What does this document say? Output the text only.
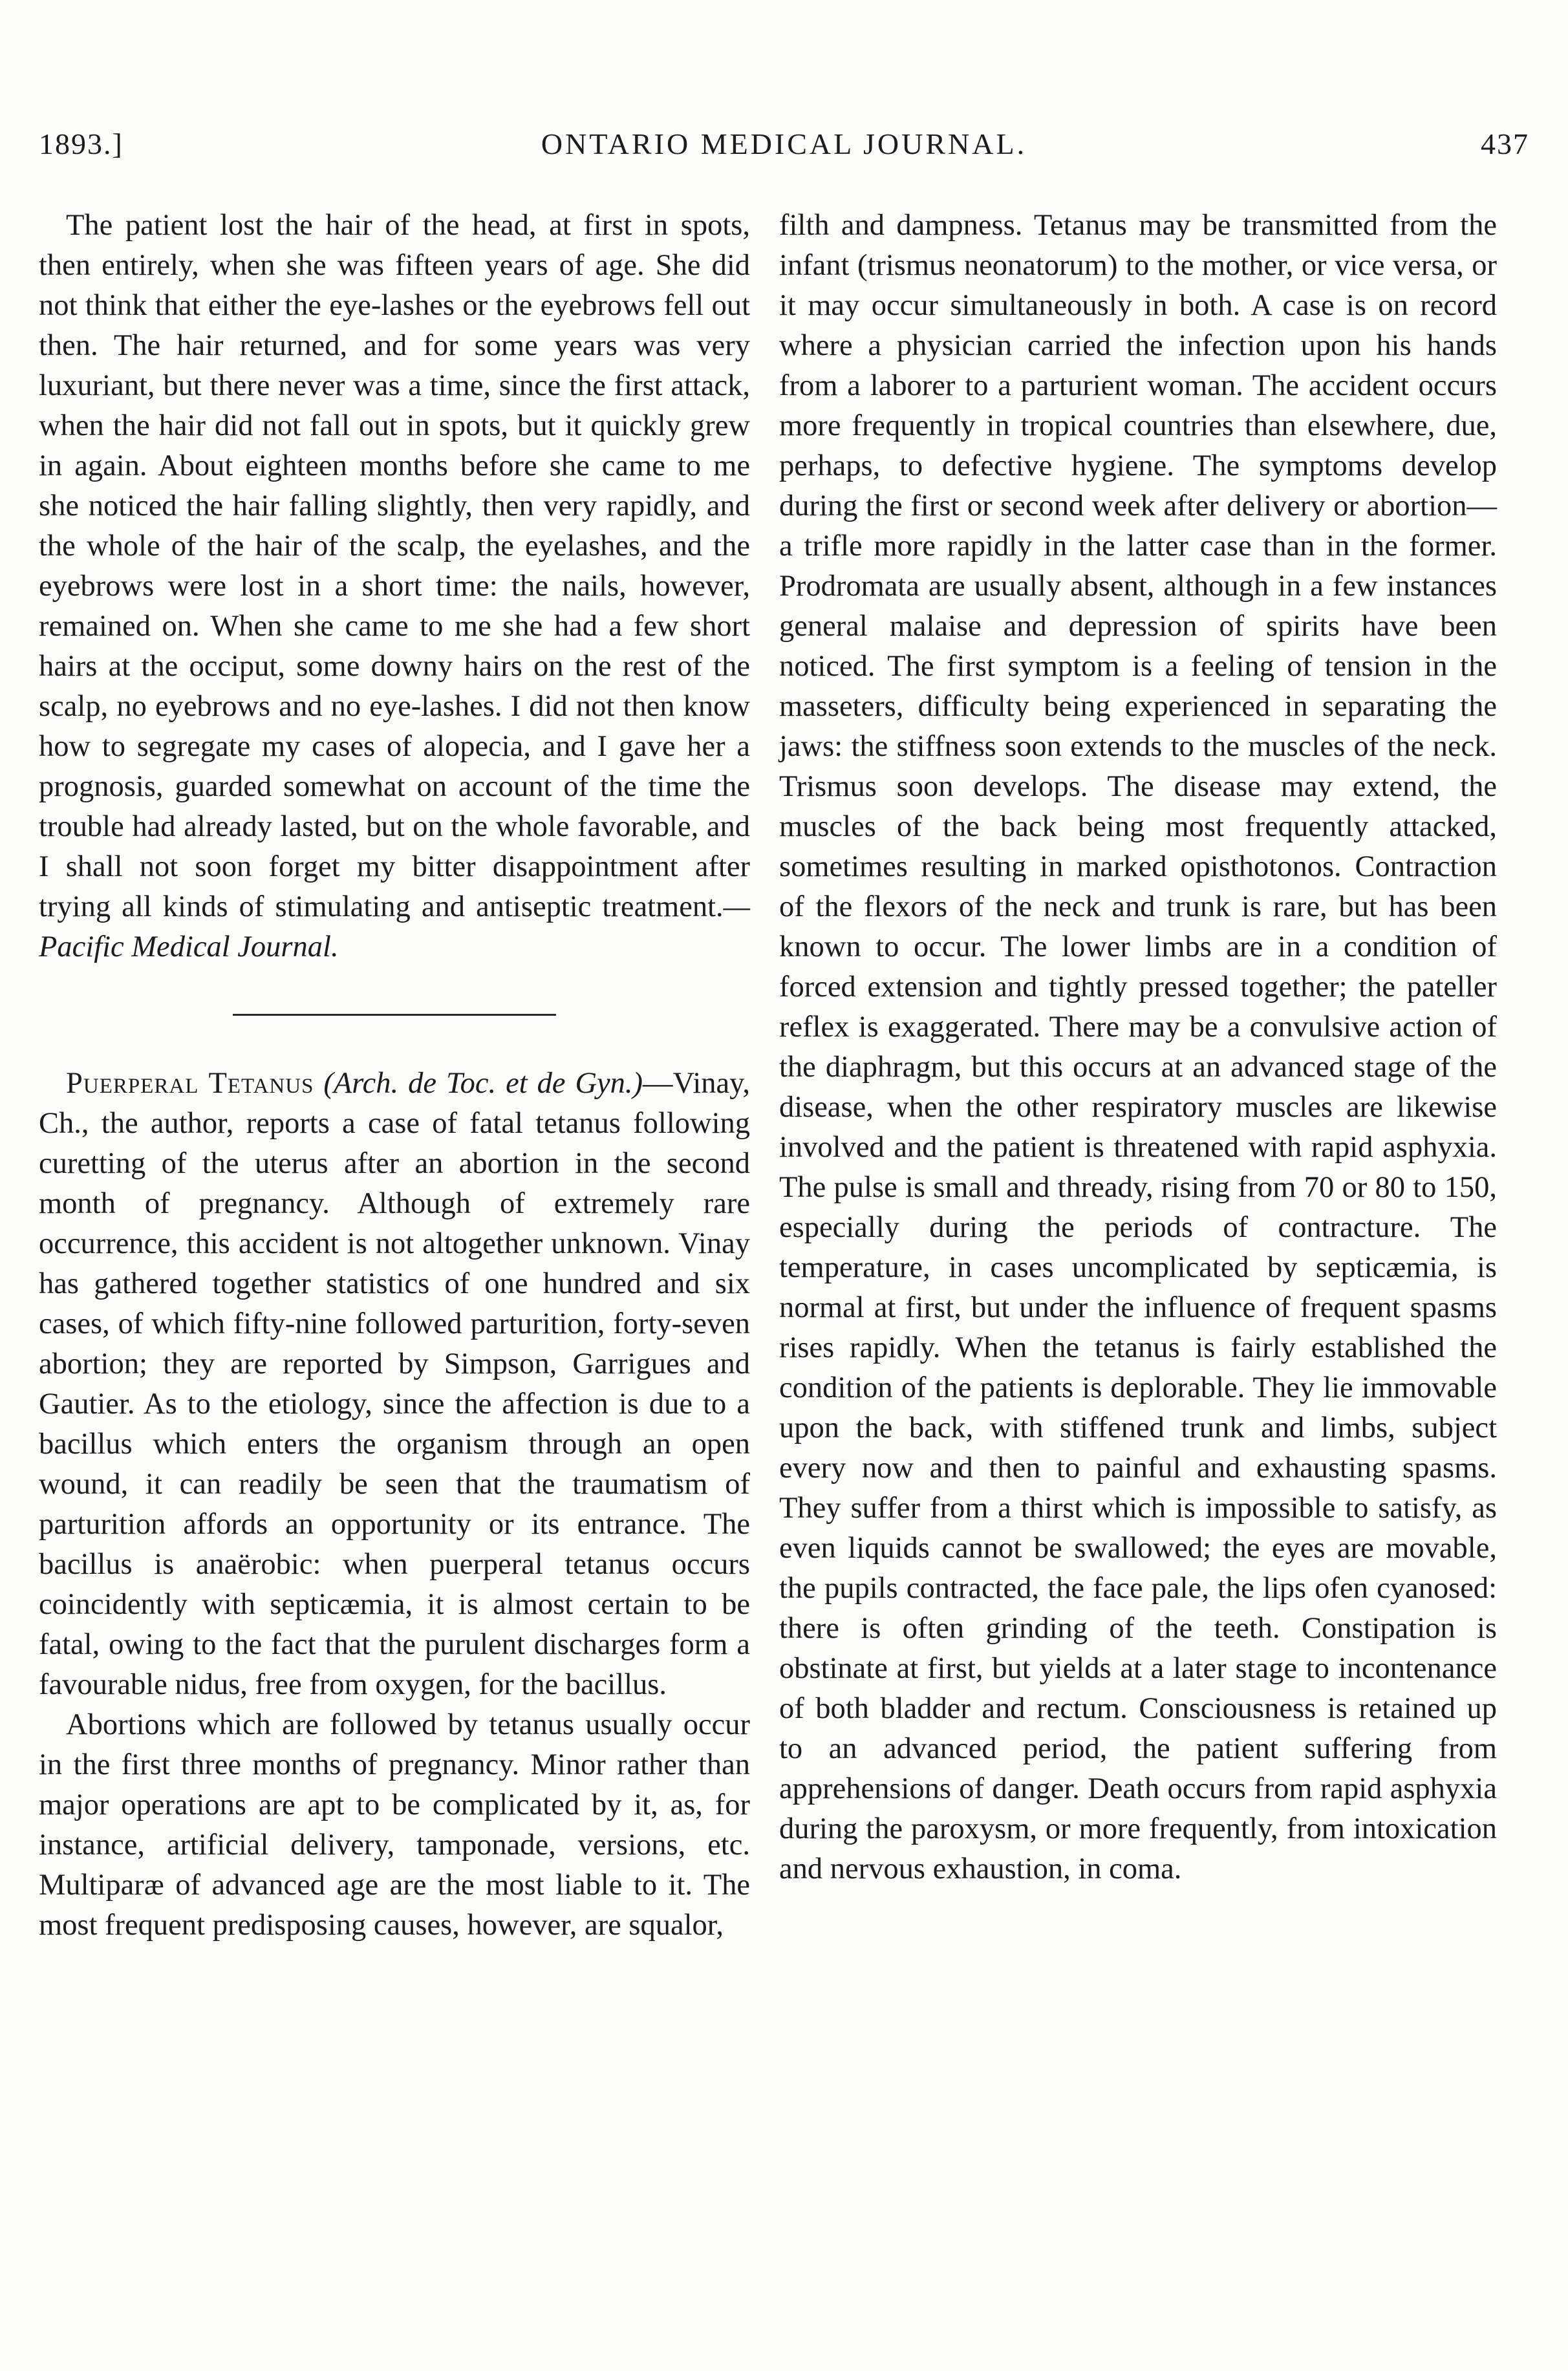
1893.]	ONTARIO MEDICAL JOURNAL.	437

The patient lost the hair of the head, at first in spots, then entirely, when she was fifteen years of age. She did not think that either the eye-lashes or the eyebrows fell out then. The hair returned, and for some years was very luxuriant, but there never was a time, since the first attack, when the hair did not fall out in spots, but it quickly grew in again. About eighteen months before she came to me she noticed the hair falling slightly, then very rapidly, and the whole of the hair of the scalp, the eyelashes, and the eyebrows were lost in a short time: the nails, however, remained on. When she came to me she had a few short hairs at the occiput, some downy hairs on the rest of the scalp, no eyebrows and no eye-lashes. I did not then know how to segregate my cases of alopecia, and I gave her a prognosis, guarded somewhat on account of the time the trouble had already lasted, but on the whole favorable, and I shall not soon forget my bitter disappointment after trying all kinds of stimulating and antiseptic treatment.—Pacific Medical Journal.

Puerperal Tetanus (Arch. de Toc. et de Gyn.)—Vinay, Ch., the author, reports a case of fatal tetanus following curetting of the uterus after an abortion in the second month of pregnancy. Although of extremely rare occurrence, this accident is not altogether unknown. Vinay has gathered together statistics of one hundred and six cases, of which fifty-nine followed parturition, forty-seven abortion; they are reported by Simpson, Garrigues and Gautier. As to the etiology, since the affection is due to a bacillus which enters the organism through an open wound, it can readily be seen that the traumatism of parturition affords an opportunity or its entrance. The bacillus is anaërobic: when puerperal tetanus occurs coincidently with septicæmia, it is almost certain to be fatal, owing to the fact that the purulent discharges form a favourable nidus, free from oxygen, for the bacillus.

Abortions which are followed by tetanus usually occur in the first three months of pregnancy. Minor rather than major operations are apt to be complicated by it, as, for instance, artificial delivery, tamponade, versions, etc. Multiparæ of advanced age are the most liable to it. The most frequent predisposing causes, however, are squalor,

filth and dampness. Tetanus may be transmitted from the infant (trismus neonatorum) to the mother, or vice versa, or it may occur simultaneously in both. A case is on record where a physician carried the infection upon his hands from a laborer to a parturient woman. The accident occurs more frequently in tropical countries than elsewhere, due, perhaps, to defective hygiene. The symptoms develop during the first or second week after delivery or abortion—a trifle more rapidly in the latter case than in the former. Prodromata are usually absent, although in a few instances general malaise and depression of spirits have been noticed. The first symptom is a feeling of tension in the masseters, difficulty being experienced in separating the jaws: the stiffness soon extends to the muscles of the neck. Trismus soon develops. The disease may extend, the muscles of the back being most frequently attacked, sometimes resulting in marked opisthotonos. Contraction of the flexors of the neck and trunk is rare, but has been known to occur. The lower limbs are in a condition of forced extension and tightly pressed together; the pateller reflex is exaggerated. There may be a convulsive action of the diaphragm, but this occurs at an advanced stage of the disease, when the other respiratory muscles are likewise involved and the patient is threatened with rapid asphyxia. The pulse is small and thready, rising from 70 or 80 to 150, especially during the periods of contracture. The temperature, in cases uncomplicated by septicæmia, is normal at first, but under the influence of frequent spasms rises rapidly. When the tetanus is fairly established the condition of the patients is deplorable. They lie immovable upon the back, with stiffened trunk and limbs, subject every now and then to painful and exhausting spasms. They suffer from a thirst which is impossible to satisfy, as even liquids cannot be swallowed; the eyes are movable, the pupils contracted, the face pale, the lips ofen cyanosed: there is often grinding of the teeth. Constipation is obstinate at first, but yields at a later stage to incontenance of both bladder and rectum. Consciousness is retained up to an advanced period, the patient suffering from apprehensions of danger. Death occurs from rapid asphyxia during the paroxysm, or more frequently, from intoxication and nervous exhaustion, in coma.
